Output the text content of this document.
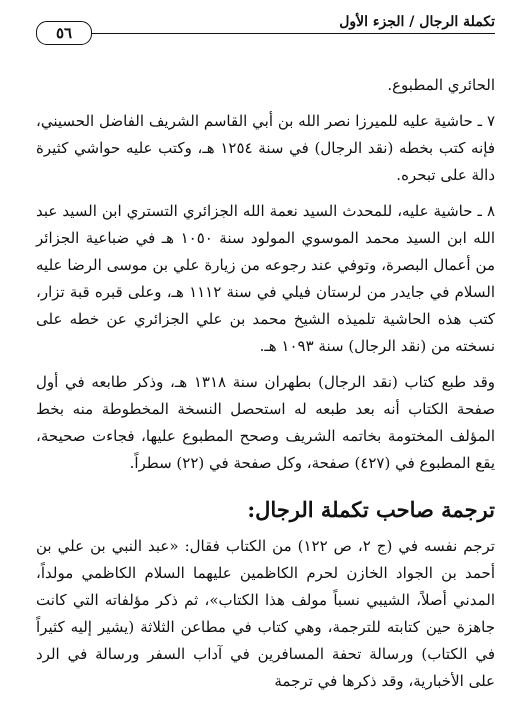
تكملة الرجال / الجزء الأول
٥٦

الحائري المطبوع.

٧ ـ حاشية عليه للميرزا نصر الله بن أبي القاسم الشريف الفاضل الحسيني، فإنه كتب بخطه (نقد الرجال) في سنة ١٢٥٤ هـ، وكتب عليه حواشي كثيرة دالة على تبحره.

٨ ـ حاشية عليه، للمحدث السيد نعمة الله الجزائري التستري ابن السيد عبد الله ابن السيد محمد الموسوي المولود سنة ١٠٥٠ هـ في ضباعية الجزائر من أعمال البصرة، وتوفي عند رجوعه من زيارة علي بن موسى الرضا عليه السلام في جايدر من لرستان فيلي في سنة ١١١٢ هـ، وعلى قبره قبة تزار، كتب هذه الحاشية تلميذه الشيخ محمد بن علي الجزائري عن خطه على نسخته من (نقد الرجال) سنة ١٠٩٣ هـ.

وقد طبع كتاب (نقد الرجال) بطهران سنة ١٣١٨ هـ، وذكر طابعه في أول صفحة الكتاب أنه بعد طبعه له استحصل النسخة المخطوطة منه بخط المؤلف المختومة بخاتمه الشريف وصحح المطبوع عليها، فجاءت صحيحة، يقع المطبوع في (٤٢٧) صفحة، وكل صفحة في (٢٢) سطراً.

ترجمة صاحب تكملة الرجال:

ترجم نفسه في (ج ٢، ص ١٢٢) من الكتاب فقال: «عبد النبي بن علي بن أحمد بن الجواد الخازن لحرم الكاظمين عليهما السلام الكاظمي مولداً، المدني أصلاً، الشيبي نسباً مولف هذا الكتاب»، ثم ذكر مؤلفاته التي كانت جاهزة حين كتابته للترجمة، وهي كتاب في مطاعن الثلاثة (يشير إليه كثيراً في الكتاب) ورسالة تحفة المسافرين في آداب السفر ورسالة في الرد على الأخبارية، وقد ذكرها في ترجمة
